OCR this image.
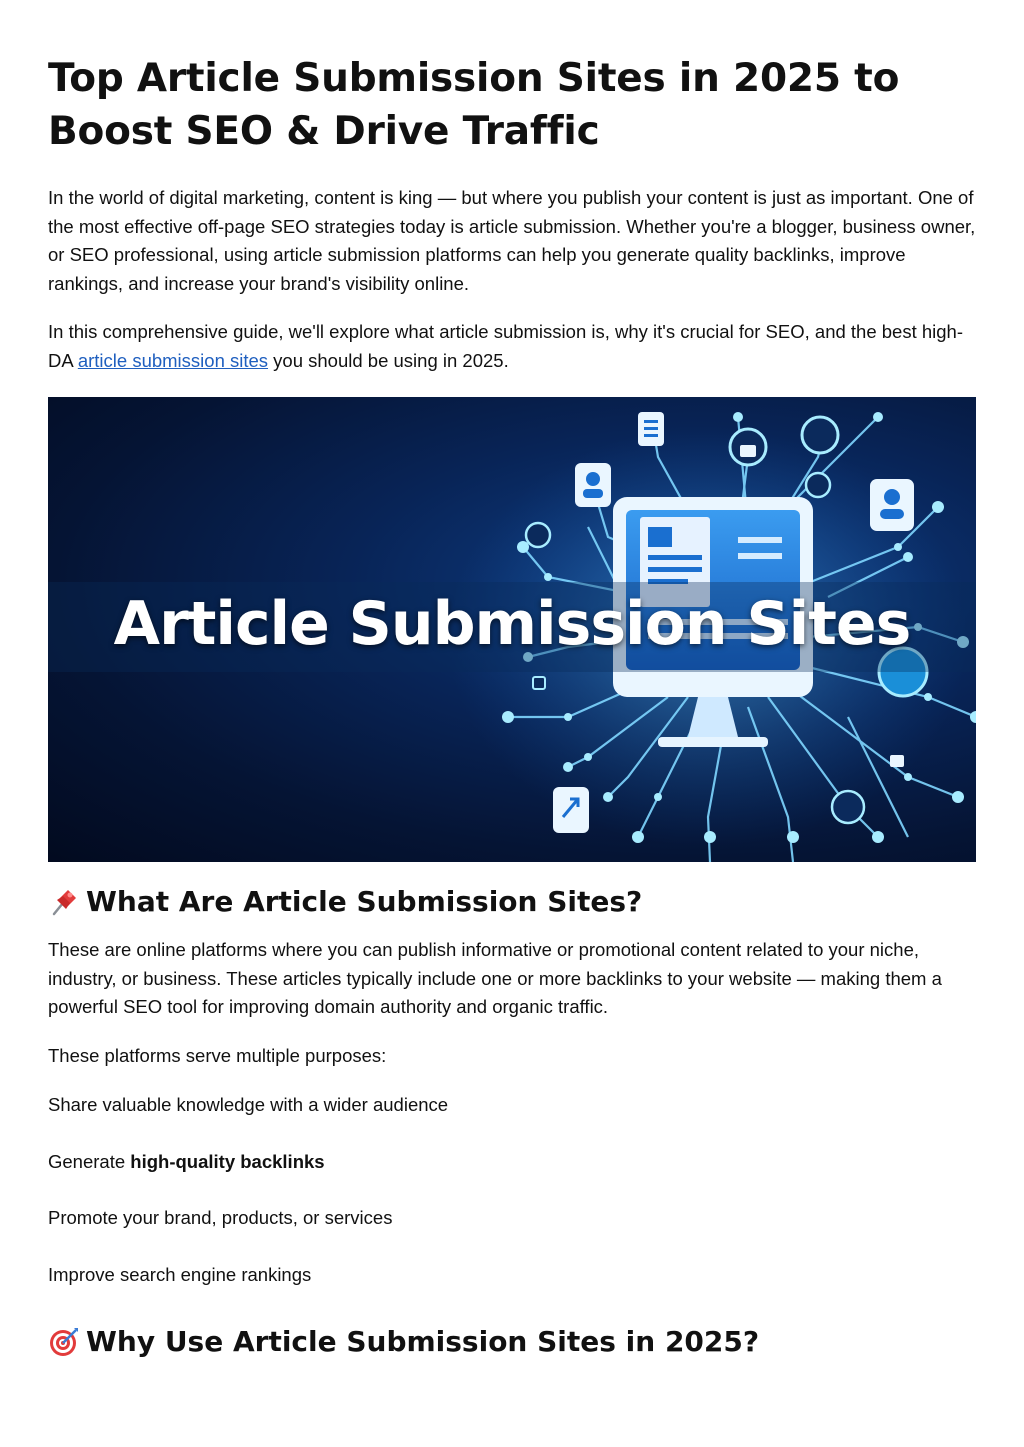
Top Article Submission Sites in 2025 to Boost SEO & Drive Traffic

In the world of digital marketing, content is king — but where you publish your content is just as important. One of the most effective off-page SEO strategies today is article submission. Whether you're a blogger, business owner, or SEO professional, using article submission platforms can help you generate quality backlinks, improve rankings, and increase your brand's visibility online.

In this comprehensive guide, we'll explore what article submission is, why it's crucial for SEO, and the best high-DA article submission sites you should be using in 2025.

Article Submission Sites
What Are Article Submission Sites?

These are online platforms where you can publish informative or promotional content related to your niche, industry, or business. These articles typically include one or more backlinks to your website — making them a powerful SEO tool for improving domain authority and organic traffic.

These platforms serve multiple purposes:

Share valuable knowledge with a wider audience
Generate high-quality backlinks
Promote your brand, products, or services
Improve search engine rankings
Why Use Article Submission Sites in 2025?
